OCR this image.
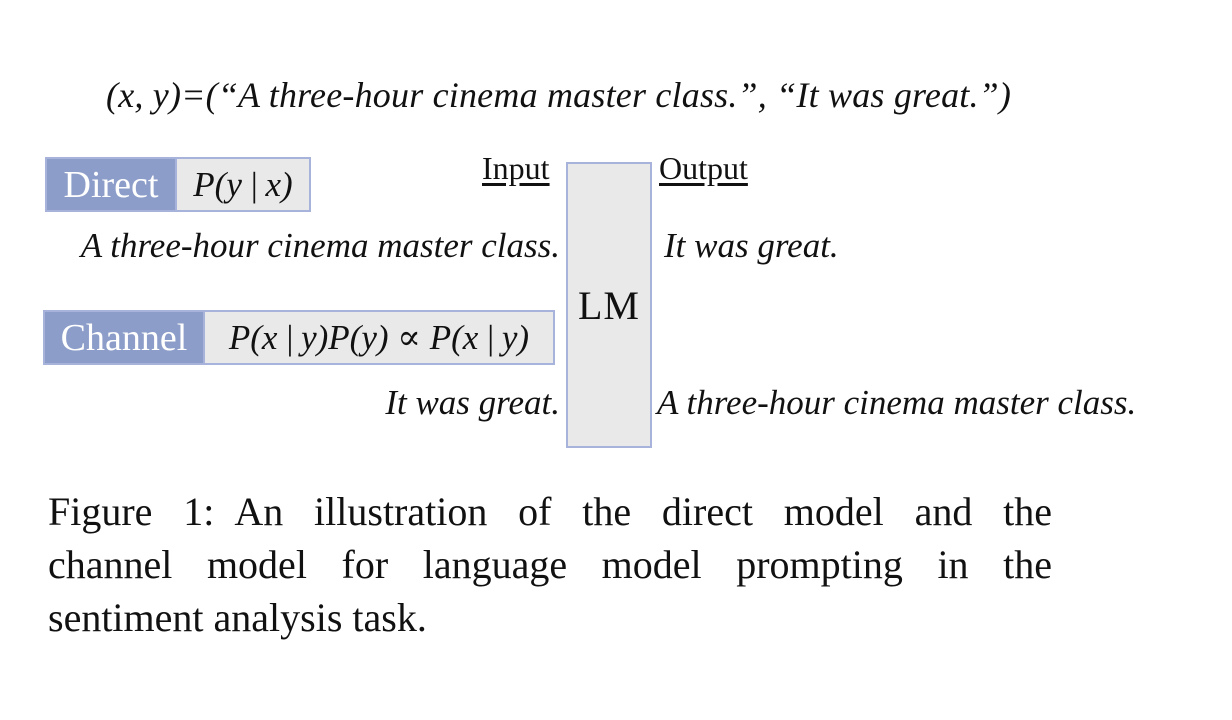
(x, y)=(“A three-hour cinema master class.”, “It was great.”)
Direct P(y | x)	Input	Output
LM
A three-hour cinema master class.	It was great.
Channel	P(x | y)P(y) ∝ P(x | y)
It was great.	A three-hour cinema master class.
Figure 1: An illustration of the direct model and the
channel model for language model prompting in the
sentiment analysis task.
